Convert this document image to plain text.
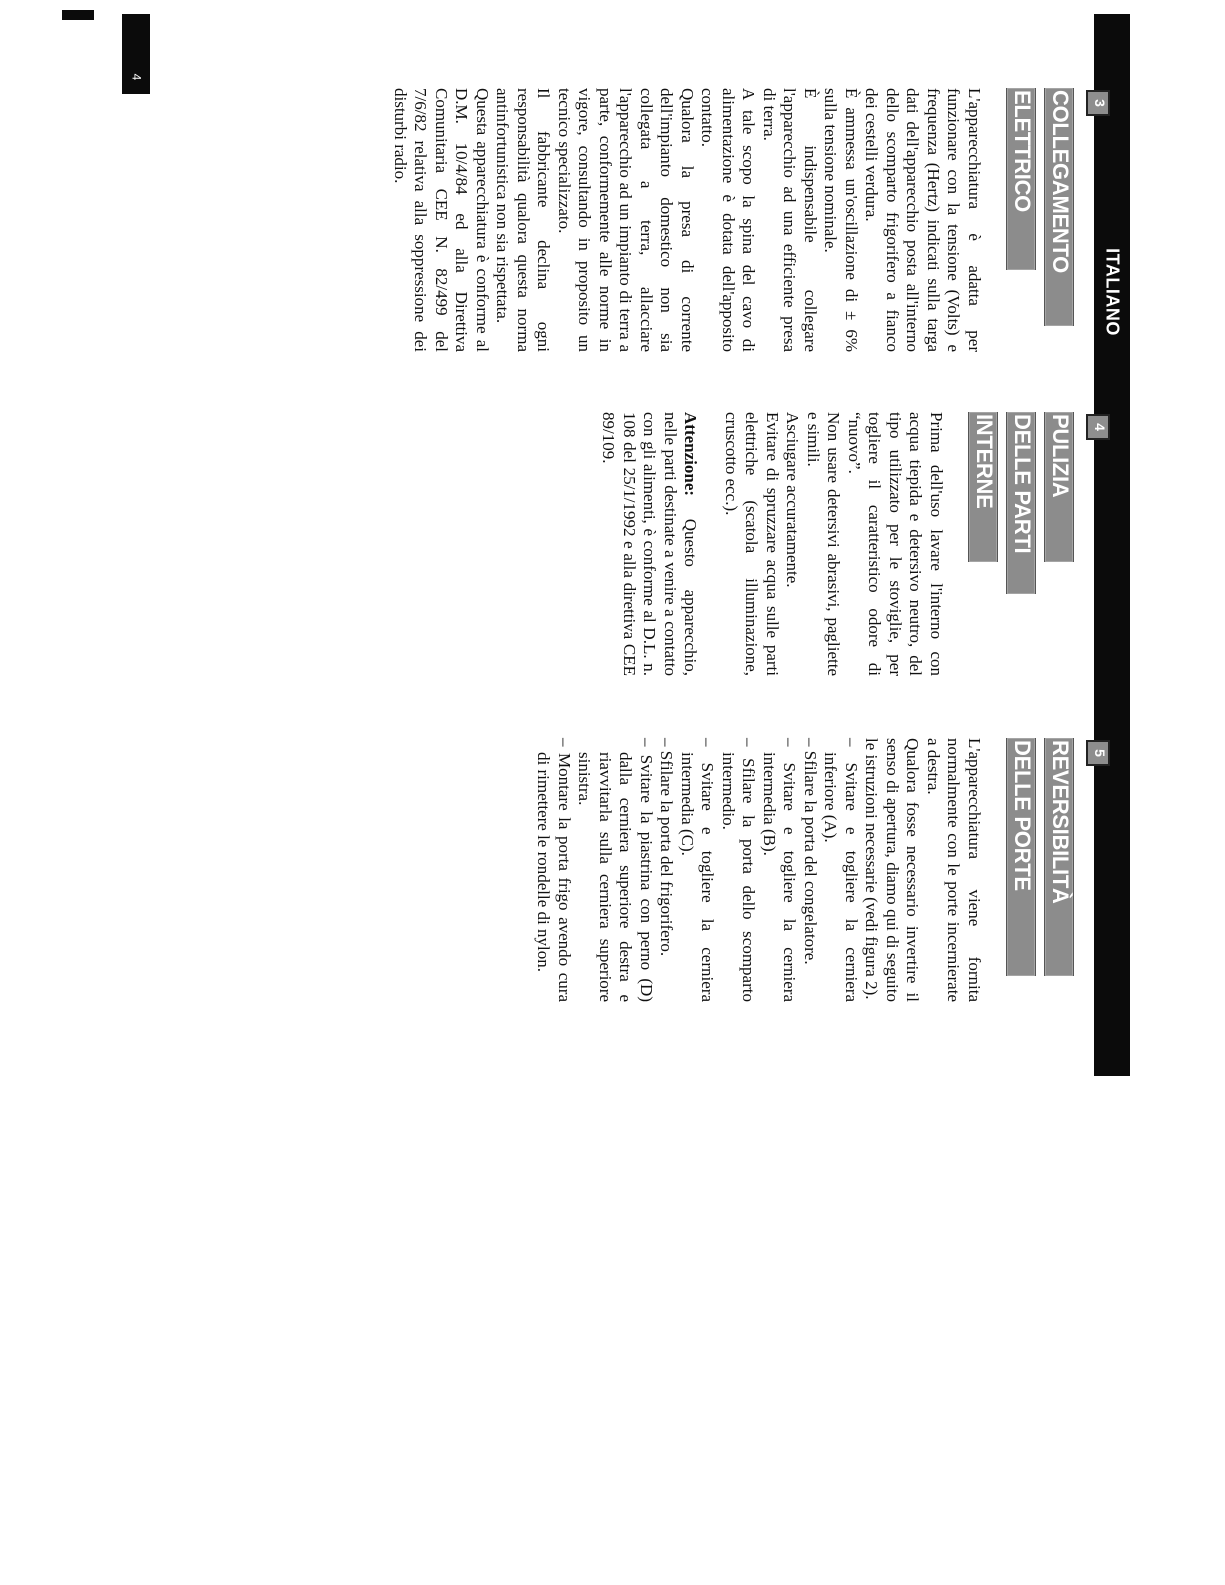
4
ITALIANO
3
COLLEGAMENTO
ELETTRICO

L'apparecchiatura è adatta per funzionare con la tensione (Volts) e frequenza (Hertz) indicati sulla targa dati dell'apparecchio posta all'interno dello scomparto frigorifero a fianco dei cestelli verdura.

È ammessa un'oscillazione di ± 6% sulla tensione nominale.

È indispensabile collegare l'apparecchio ad una efficiente presa di terra.

A tale scopo la spina del cavo di alimentazione è dotata dell'apposito contatto.

Qualora la presa di corrente dell'impianto domestico non sia collegata a terra, allacciare l'apparecchio ad un impianto di terra a parte, conformemente alle norme in vigore, consultando in proposito un tecnico specializzato.

Il fabbricante declina ogni responsabilità qualora questa norma antinfortunistica non sia rispettata.

Questa apparecchiatura è conforme al D.M. 10/4/84 ed alla Direttiva Comunitaria CEE N. 82/499 del 7/6/82 relativa alla soppressione dei disturbi radio.

4
PULIZIA
DELLE PARTI
INTERNE

Prima dell'uso lavare l'interno con acqua tiepida e detersivo neutro, del tipo utilizzato per le stoviglie, per togliere il caratteristico odore di “nuovo”.

Non usare detersivi abrasivi, pagliette e simili.

Asciugare accuratamente.

Evitare di spruzzare acqua sulle parti elettriche (scatola illuminazione, cruscotto ecc.).

Attenzione: Questo apparecchio, nelle parti destinate a venire a contatto con gli alimenti, è conforme al D.L. n. 108 del 25/1/1992 e alla direttiva CEE 89/109.

5
REVERSIBILITÀ
DELLE PORTE

L'apparecchiatura viene fornita normalmente con le porte incernierate a destra.

Qualora fosse necessario invertire il senso di apertura, diamo qui di seguito le istruzioni necessarie (vedi figura 2).

– Svitare e togliere la cerniera inferiore (A).

– Sfilare la porta del congelatore.

– Svitare e togliere la cerniera intermedia (B).

– Sfilare la porta dello scomparto intermedio.

– Svitare e togliere la cerniera intermedia (C).

– Sfilare la porta del frigorifero.

– Svitare la piastrina con perno (D) dalla cerniera superiore destra e riavvitarla sulla cerniera superiore sinistra.

– Montare la porta frigo avendo cura di rimettere le rondelle di nylon.
